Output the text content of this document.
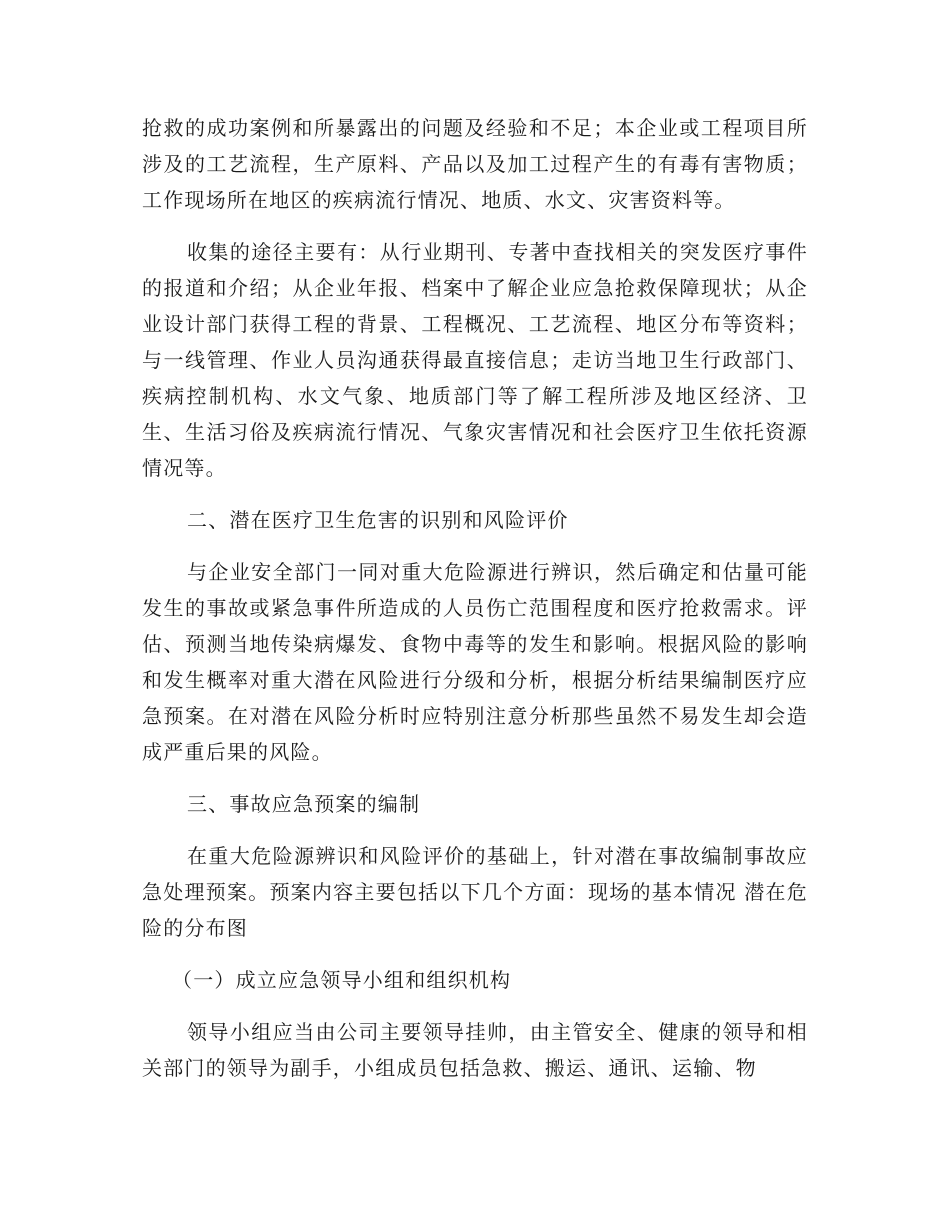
抢救的成功案例和所暴露出的问题及经验和不足；本企业或工程项目所涉及的工艺流程，生产原料、产品以及加工过程产生的有毒有害物质；工作现场所在地区的疾病流行情况、地质、水文、灾害资料等。

收集的途径主要有：从行业期刊、专著中查找相关的突发医疗事件的报道和介绍；从企业年报、档案中了解企业应急抢救保障现状；从企业设计部门获得工程的背景、工程概况、工艺流程、地区分布等资料；与一线管理、作业人员沟通获得最直接信息；走访当地卫生行政部门、疾病控制机构、水文气象、地质部门等了解工程所涉及地区经济、卫生、生活习俗及疾病流行情况、气象灾害情况和社会医疗卫生依托资源情况等。

二、潜在医疗卫生危害的识别和风险评价

与企业安全部门一同对重大危险源进行辨识，然后确定和估量可能发生的事故或紧急事件所造成的人员伤亡范围程度和医疗抢救需求。评估、预测当地传染病爆发、食物中毒等的发生和影响。根据风险的影响和发生概率对重大潜在风险进行分级和分析，根据分析结果编制医疗应急预案。在对潜在风险分析时应特别注意分析那些虽然不易发生却会造成严重后果的风险。

三、事故应急预案的编制

在重大危险源辨识和风险评价的基础上，针对潜在事故编制事故应急处理预案。预案内容主要包括以下几个方面：现场的基本情况 潜在危险的分布图

（一）成立应急领导小组和组织机构

领导小组应当由公司主要领导挂帅，由主管安全、健康的领导和相关部门的领导为副手，小组成员包括急救、搬运、通讯、运输、物
